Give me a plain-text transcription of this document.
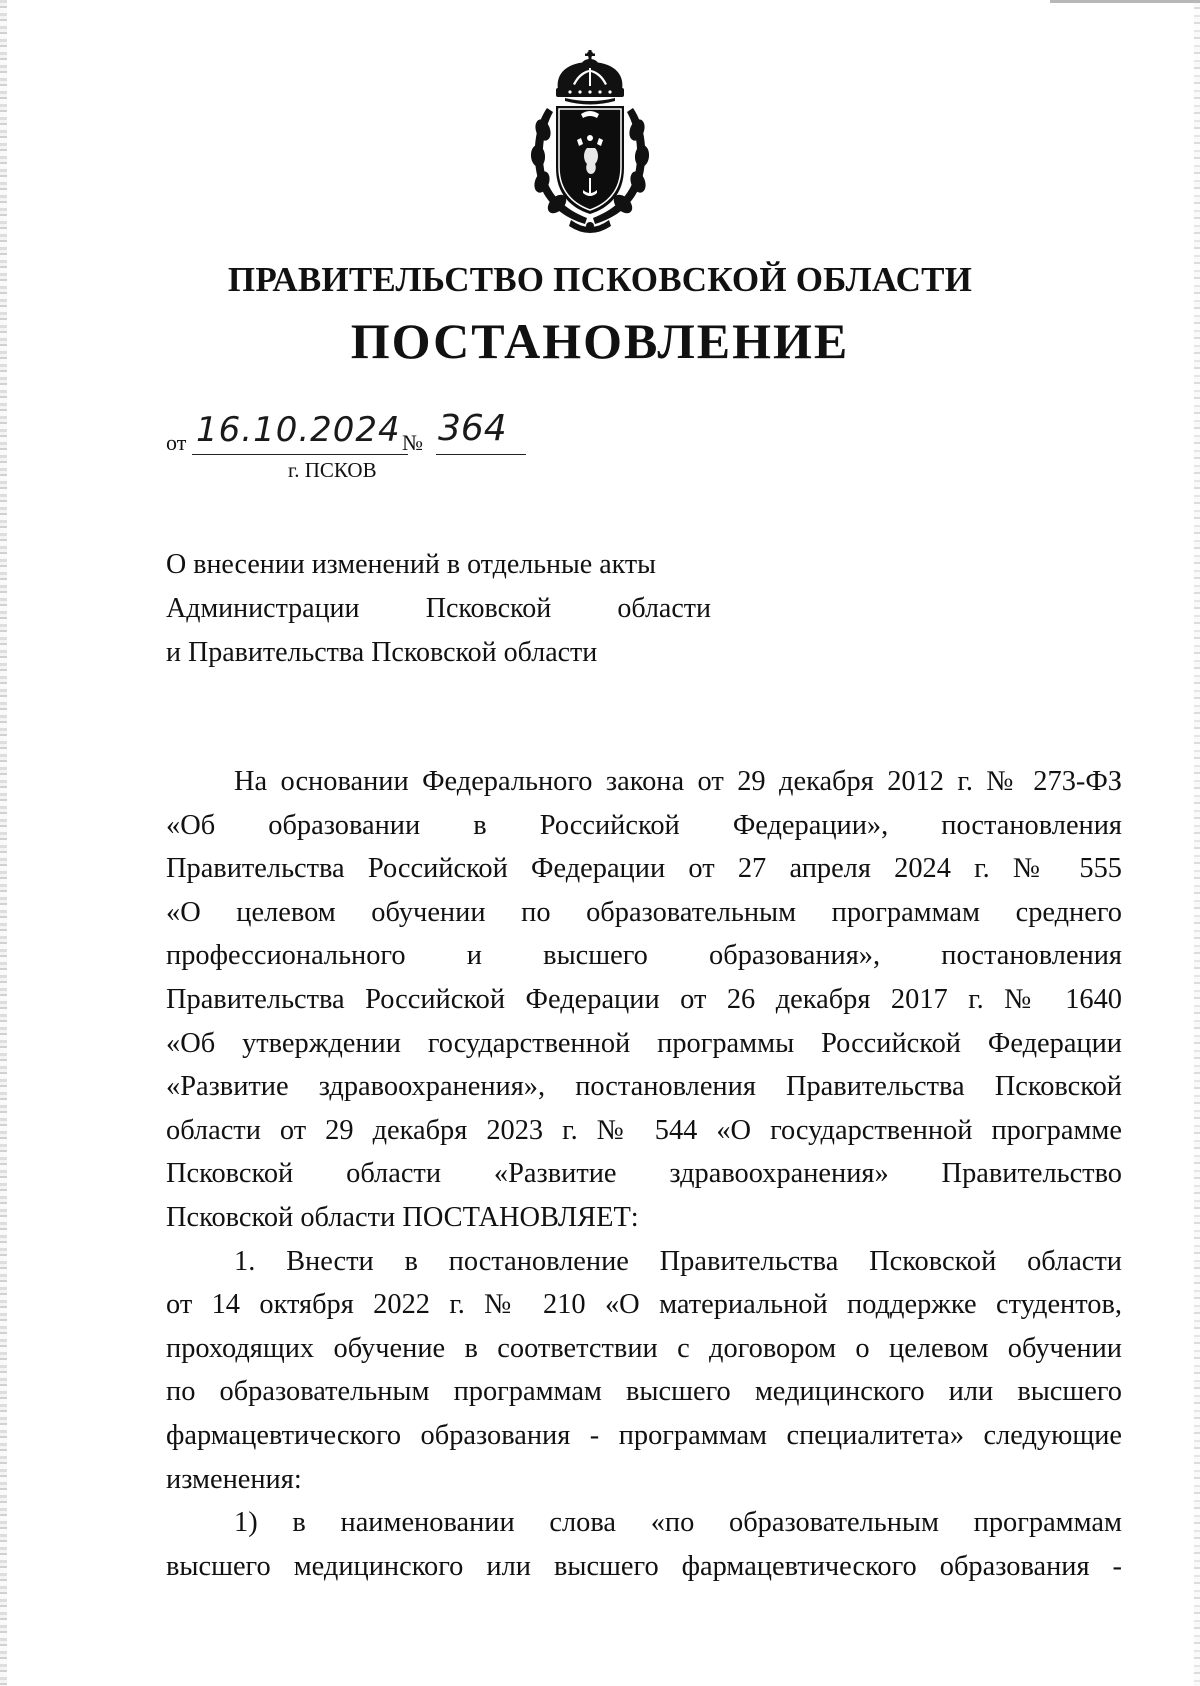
ПРАВИТЕЛЬСТВО ПСКОВСКОЙ ОБЛАСТИ
ПОСТАНОВЛЕНИЕ
от 16.10.2024 № 364
г. ПСКОВ
О внесении изменений в отдельные акты
Администрации Псковской области
и Правительства Псковской области
На основании Федерального закона от 29 декабря 2012 г. № 273-ФЗ
«Об образовании в Российской Федерации», постановления
Правительства Российской Федерации от 27 апреля 2024 г. № 555
«О целевом обучении по образовательным программам среднего
профессионального и высшего образования», постановления
Правительства Российской Федерации от 26 декабря 2017 г. № 1640
«Об утверждении государственной программы Российской Федерации
«Развитие здравоохранения», постановления Правительства Псковской
области от 29 декабря 2023 г. № 544 «О государственной программе
Псковской области «Развитие здравоохранения» Правительство
Псковской области ПОСТАНОВЛЯЕТ:
1. Внести в постановление Правительства Псковской области
от 14 октября 2022 г. № 210 «О материальной поддержке студентов,
проходящих обучение в соответствии с договором о целевом обучении
по образовательным программам высшего медицинского или высшего
фармацевтического образования - программам специалитета» следующие
изменения:
1) в наименовании слова «по образовательным программам
высшего медицинского или высшего фармацевтического образования -
